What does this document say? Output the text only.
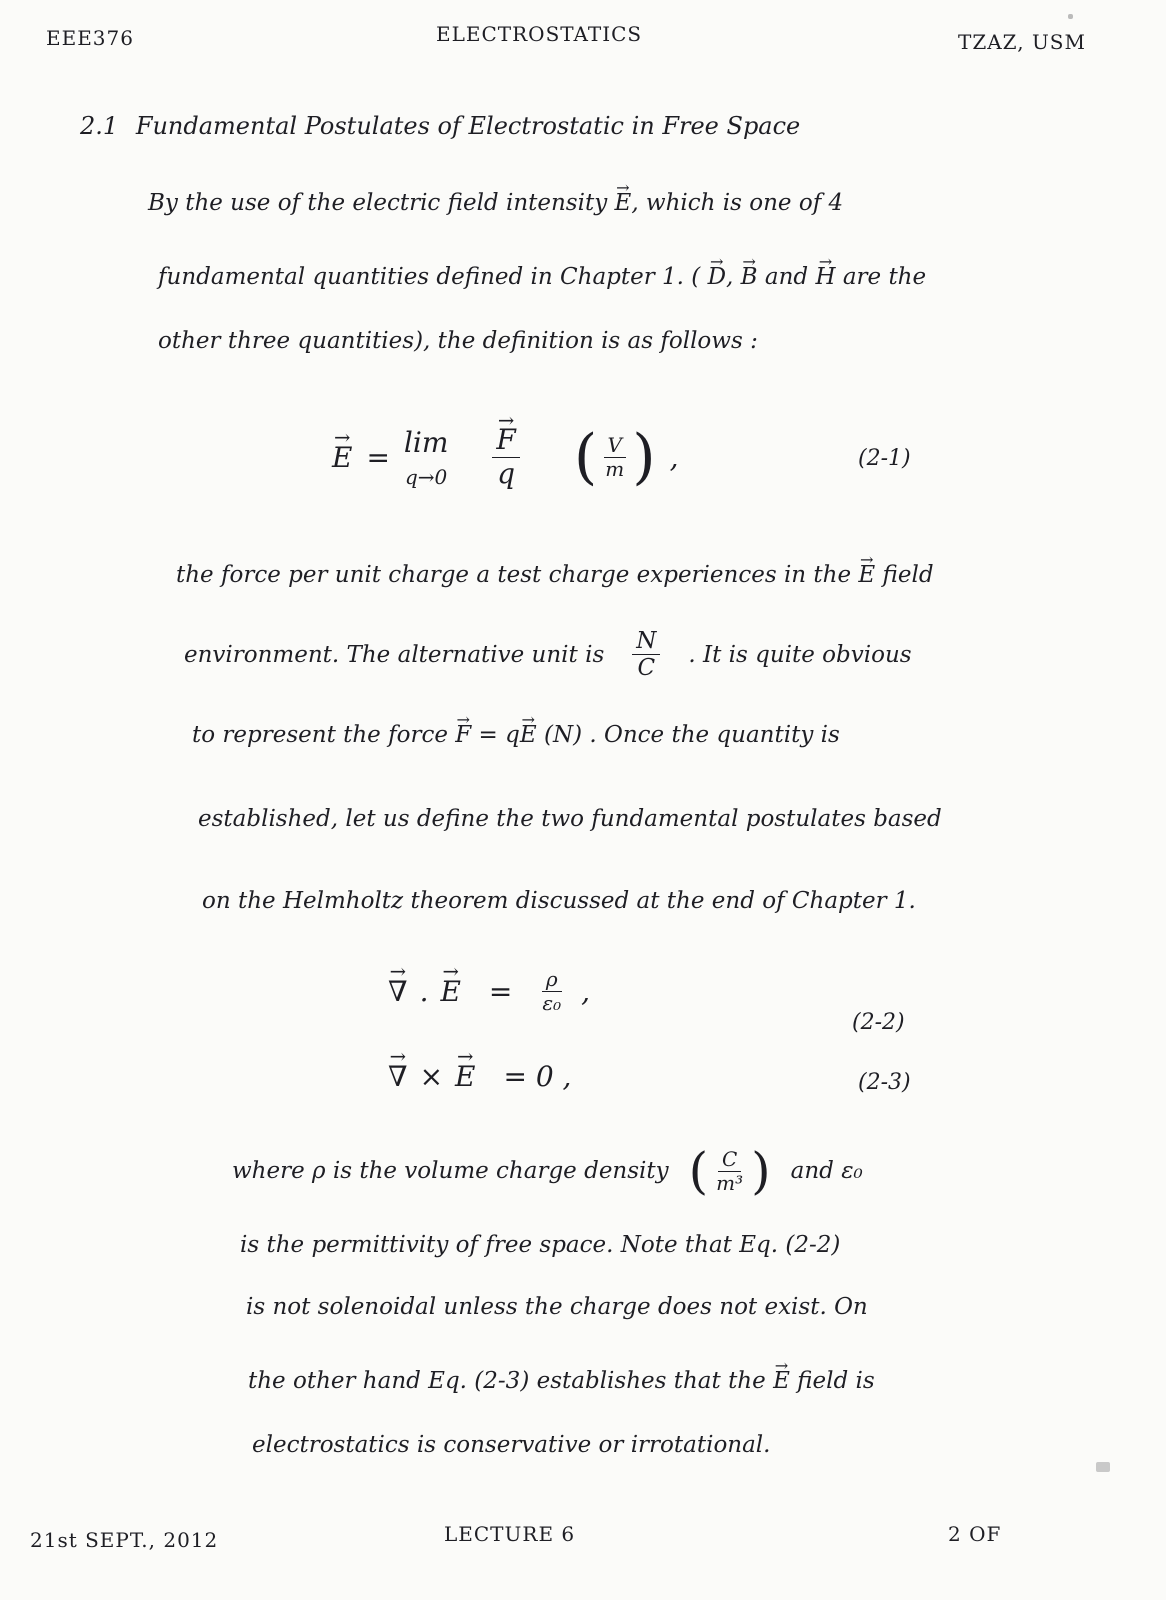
EEE376	ELECTROSTATICS	TZAZ, USM
2.1 Fundamental Postulates of Electrostatic in Free Space
By the use of the electric field intensity → E, which is one of 4
fundamental quantities defined in Chapter 1. ( → D, → B and → H are the
other three quantities), the definition is as follows :
→ E = lim
q→0
→ $\frac{F}{q}$ ( $\frac{V}{m}$ ) ,	(2-1)
the force per unit charge a test charge experiences in the → E field
environment. The alternative unit is $\frac{N}{C}$ . It is quite obvious
to represent the force → F = q→ E (N) . Once the quantity is
established, let us define the two fundamental postulates based
on the Helmholtz theorem discussed at the end of Chapter 1.
→ ∇ .
→ $E = \frac{\rho}{\text{ε₀}}$ ,
(2-2)
→ ∇ ×
→ E = 0 ,	(2-3)
where ρ is the volume charge density ( $\frac{C}{\text{m³}}$ ) and ε₀
is the permittivity of free space. Note that Eq. (2-2)
is not solenoidal unless the charge does not exist. On
the other hand Eq. (2-3) establishes that the → E field is
electrostatics is conservative or irrotational.
21st SEPT., 2012	LECTURE 6	2 OF
